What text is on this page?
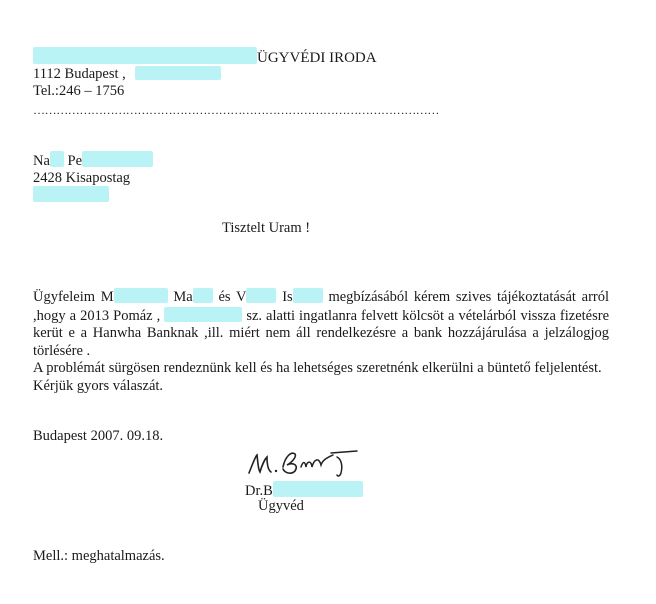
ÜGYVÉDI IRODA
1112 Budapest ,
Tel.:246 – 1756
……………………………………………………………………………………………
Na Pe
2428 Kisapostag
Tisztelt Uram !

Ügyfeleim M	Ma és V Is megbízásából kérem szives tájékoztatását arról ,hogy a 2013 Pomáz ,	sz. alatti ingatlanra felvett kölcsöt a vételárból vissza fizetésre kerüt e a Hanwha Banknak ,ill. miért nem áll rendelkezésre a bank hozzájárulása a jelzálogjog törlésére .

A problémát sürgösen rendeznünk kell és ha lehetséges szeretnénk elkerülni a büntető feljelentést.

Kérjük gyors válaszát.

Budapest 2007. 09.18.
Dr.B
Ügyvéd
Mell.: meghatalmazás.
